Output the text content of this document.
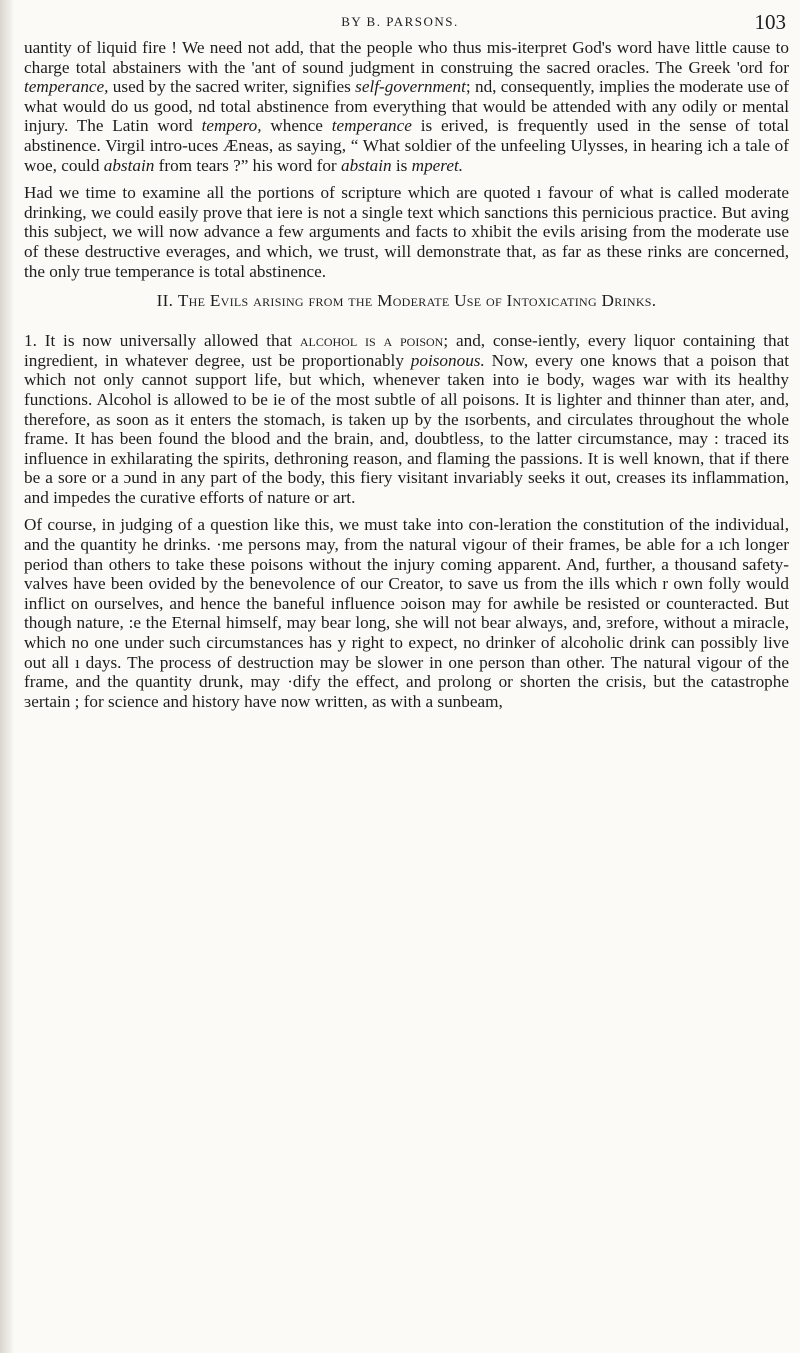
BY B. PARSONS.	103

uantity of liquid fire ! We need not add, that the people who thus mis-iterpret God's word have little cause to charge total abstainers with the 'ant of sound judgment in construing the sacred oracles. The Greek 'ord for temperance, used by the sacred writer, signifies self-government; nd, consequently, implies the moderate use of what would do us good, nd total abstinence from everything that would be attended with any odily or mental injury. The Latin word tempero, whence temperance is erived, is frequently used in the sense of total abstinence. Virgil intro-uces Æneas, as saying, “ What soldier of the unfeeling Ulysses, in hearing ich a tale of woe, could abstain from tears ?” his word for abstain is mperet.

Had we time to examine all the portions of scripture which are quoted ı favour of what is called moderate drinking, we could easily prove that iere is not a single text which sanctions this pernicious practice. But aving this subject, we will now advance a few arguments and facts to xhibit the evils arising from the moderate use of these destructive everages, and which, we trust, will demonstrate that, as far as these rinks are concerned, the only true temperance is total abstinence.

II. The Evils arising from the Moderate Use of Intoxicating Drinks.

1. It is now universally allowed that alcohol is a poison; and, conse-iently, every liquor containing that ingredient, in whatever degree, ust be proportionably poisonous. Now, every one knows that a poison that which not only cannot support life, but which, whenever taken into ie body, wages war with its healthy functions. Alcohol is allowed to be ie of the most subtle of all poisons. It is lighter and thinner than ater, and, therefore, as soon as it enters the stomach, is taken up by the ɪsorbents, and circulates throughout the whole frame. It has been found the blood and the brain, and, doubtless, to the latter circumstance, may : traced its influence in exhilarating the spirits, dethroning reason, and flaming the passions. It is well known, that if there be a sore or a ɔund in any part of the body, this fiery visitant invariably seeks it out, creases its inflammation, and impedes the curative efforts of nature or art.

Of course, in judging of a question like this, we must take into con-leration the constitution of the individual, and the quantity he drinks. ·me persons may, from the natural vigour of their frames, be able for a ıch longer period than others to take these poisons without the injury coming apparent. And, further, a thousand safety-valves have been ovided by the benevolence of our Creator, to save us from the ills which r own folly would inflict on ourselves, and hence the baneful influence ɔoison may for awhile be resisted or counteracted. But though nature, :e the Eternal himself, may bear long, she will not bear always, and, ɜrefore, without a miracle, which no one under such circumstances has y right to expect, no drinker of alcoholic drink can possibly live out all ı days. The process of destruction may be slower in one person than other. The natural vigour of the frame, and the quantity drunk, may ·dify the effect, and prolong or shorten the crisis, but the catastrophe ɜertain ; for science and history have now written, as with a sunbeam,
